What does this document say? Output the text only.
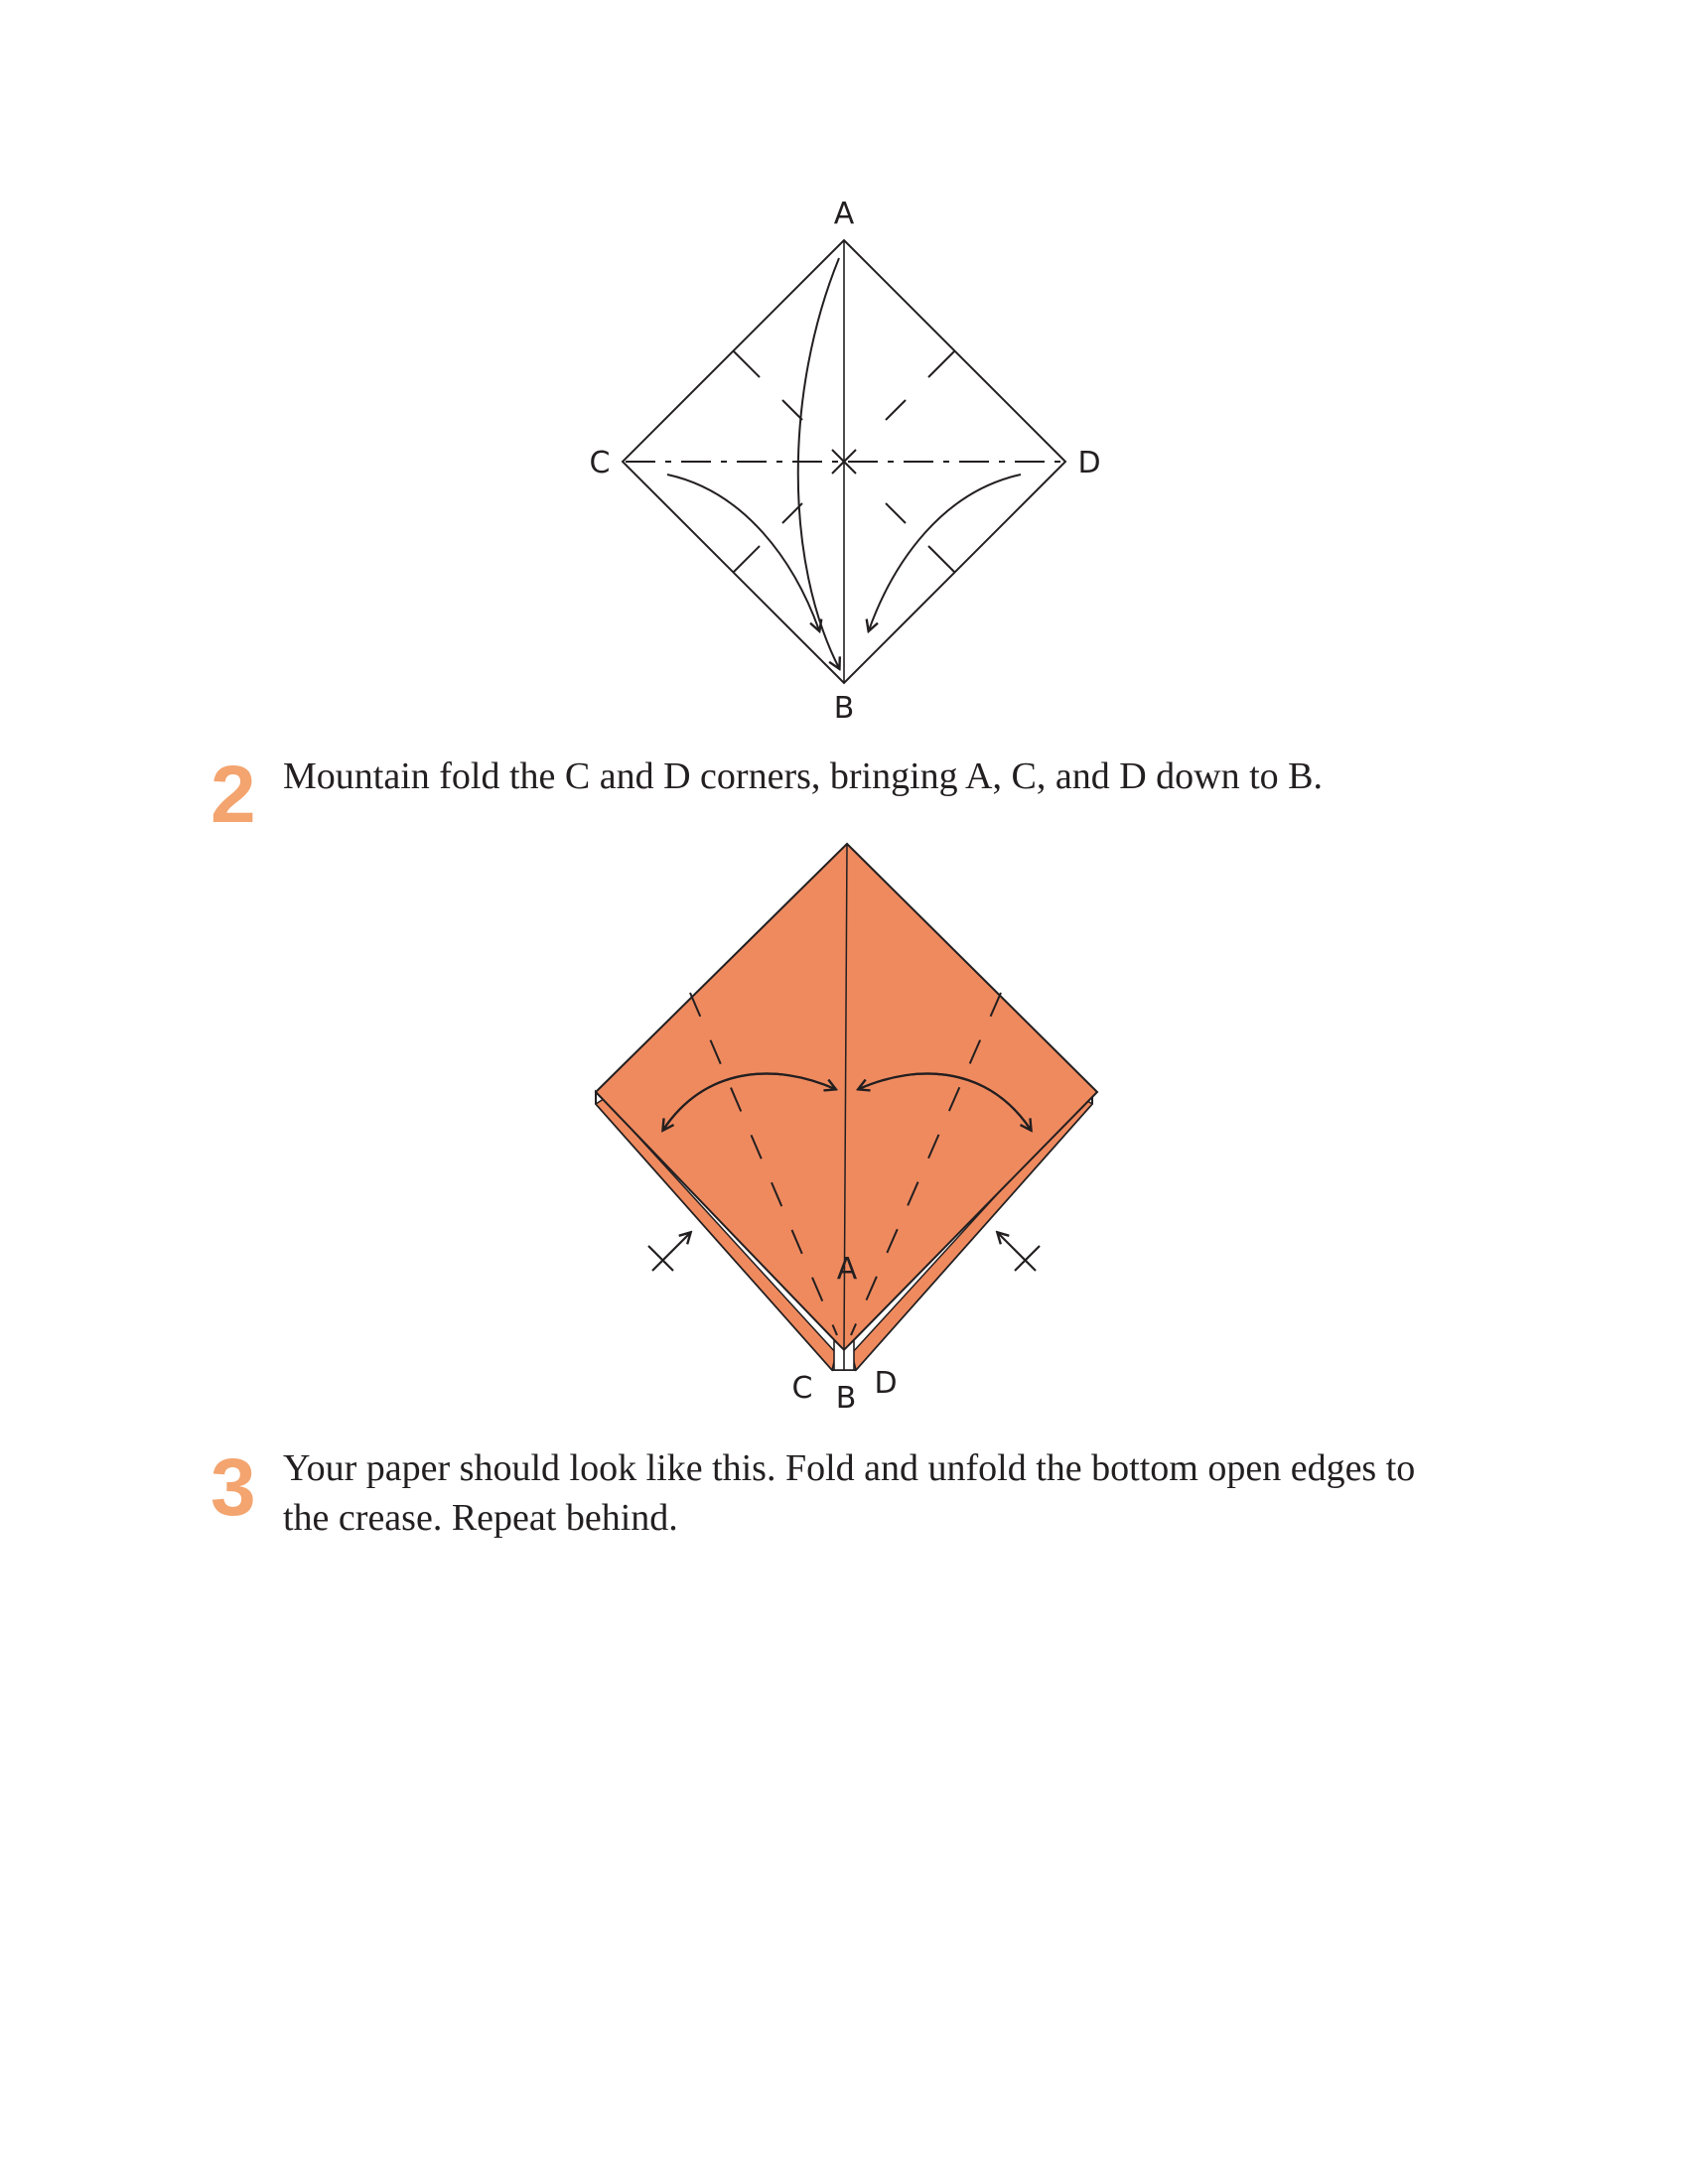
A
B
C	D
2 Mountain fold the C and D corners, bringing A, C, and D down to B.

A
C B D
3 Your paper should look like this. Fold and unfold the bottom open edges to the crease. Repeat behind.
